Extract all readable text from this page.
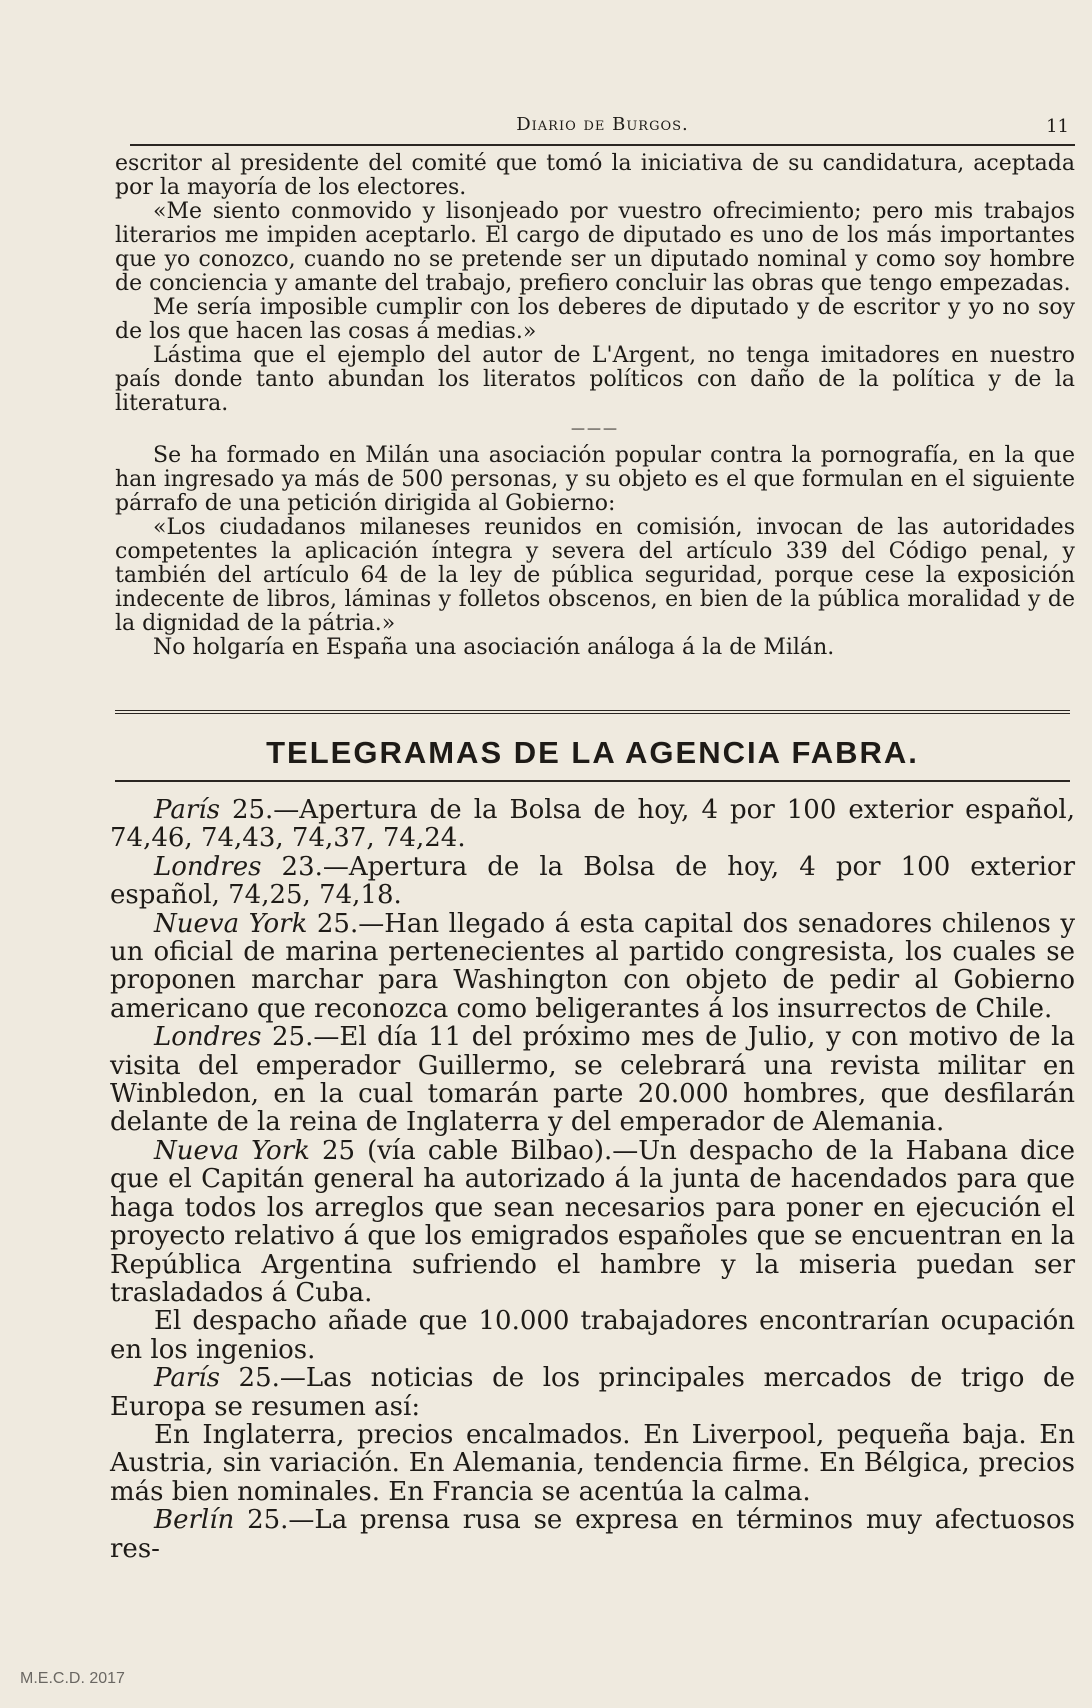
Diario de Burgos.	11

escritor al presidente del comité que tomó la iniciativa de su candidatura, aceptada por la mayoría de los electores.

«Me siento conmovido y lisonjeado por vuestro ofrecimiento; pero mis trabajos literarios me impiden aceptarlo. El cargo de diputado es uno de los más importantes que yo conozco, cuando no se pretende ser un diputado nominal y como soy hombre de conciencia y amante del trabajo, prefiero concluir las obras que tengo empezadas.

Me sería imposible cumplir con los deberes de diputado y de escritor y yo no soy de los que hacen las cosas á medias.»

Lástima que el ejemplo del autor de L'Argent, no tenga imitadores en nuestro país donde tanto abundan los literatos políticos con daño de la política y de la literatura.

———

Se ha formado en Milán una asociación popular contra la pornografía, en la que han ingresado ya más de 500 personas, y su objeto es el que formulan en el siguiente párrafo de una petición dirigida al Gobierno:

«Los ciudadanos milaneses reunidos en comisión, invocan de las autoridades competentes la aplicación íntegra y severa del artículo 339 del Código penal, y también del artículo 64 de la ley de pública seguridad, porque cese la exposición indecente de libros, láminas y folletos obscenos, en bien de la pública moralidad y de la dignidad de la pátria.»

No holgaría en España una asociación análoga á la de Milán.

TELEGRAMAS DE LA AGENCIA FABRA.

París 25.—Apertura de la Bolsa de hoy, 4 por 100 exterior español, 74,46, 74,43, 74,37, 74,24.

Londres 23.—Apertura de la Bolsa de hoy, 4 por 100 exterior español, 74,25, 74,18.

Nueva York 25.—Han llegado á esta capital dos senadores chilenos y un oficial de marina pertenecientes al partido congresista, los cuales se proponen marchar para Washington con objeto de pedir al Gobierno americano que reconozca como beligerantes á los insurrectos de Chile.

Londres 25.—El día 11 del próximo mes de Julio, y con motivo de la visita del emperador Guillermo, se celebrará una revista militar en Winbledon, en la cual tomarán parte 20.000 hombres, que desfilarán delante de la reina de Inglaterra y del emperador de Alemania.

Nueva York 25 (vía cable Bilbao).—Un despacho de la Habana dice que el Capitán general ha autorizado á la junta de hacendados para que haga todos los arreglos que sean necesarios para poner en ejecución el proyecto relativo á que los emigrados españoles que se encuentran en la República Argentina sufriendo el hambre y la miseria puedan ser trasladados á Cuba.

El despacho añade que 10.000 trabajadores encontrarían ocupación en los ingenios.

París 25.—Las noticias de los principales mercados de trigo de Europa se resumen así:

En Inglaterra, precios encalmados. En Liverpool, pequeña baja. En Austria, sin variación. En Alemania, tendencia firme. En Bélgica, precios más bien nominales. En Francia se acentúa la calma.

Berlín 25.—La prensa rusa se expresa en términos muy afectuosos res-

M.E.C.D. 2017
